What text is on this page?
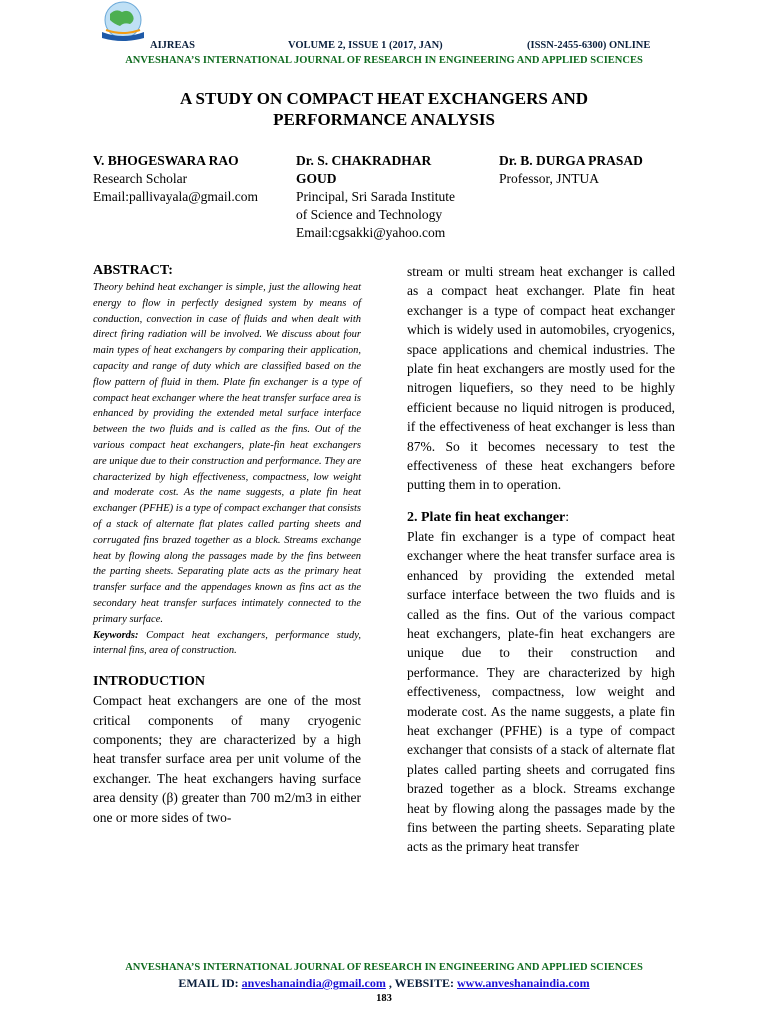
AIJREAS	VOLUME 2, ISSUE 1 (2017, JAN)	(ISSN-2455-6300) ONLINE
ANVESHANA’S INTERNATIONAL JOURNAL OF RESEARCH IN ENGINEERING AND APPLIED SCIENCES
A STUDY ON COMPACT HEAT EXCHANGERS AND
PERFORMANCE ANALYSIS
V. BHOGESWARA RAO
Research Scholar
Email:pallivayala@gmail.com
Dr. S. CHAKRADHAR
GOUD
Principal, Sri Sarada Institute
of Science and Technology
Email:cgsakki@yahoo.com
Dr. B. DURGA PRASAD
Professor, JNTUA
ABSTRACT:
Theory behind heat exchanger is simple, just the allowing heat energy to flow in perfectly designed system by means of conduction, convection in case of fluids and when dealt with direct firing radiation will be involved. We discuss about four main types of heat exchangers by comparing their application, capacity and range of duty which are classified based on the flow pattern of fluid in them. Plate fin exchanger is a type of compact heat exchanger where the heat transfer surface area is enhanced by providing the extended metal surface interface between the two fluids and is called as the fins. Out of the various compact heat exchangers, plate-fin heat exchangers are unique due to their construction and performance. They are characterized by high effectiveness, compactness, low weight and moderate cost. As the name suggests, a plate fin heat exchanger (PFHE) is a type of compact exchanger that consists of a stack of alternate flat plates called parting sheets and corrugated fins brazed together as a block. Streams exchange heat by flowing along the passages made by the fins between the parting sheets. Separating plate acts as the primary heat transfer surface and the appendages known as fins act as the secondary heat transfer surfaces intimately connected to the primary surface.
Keywords: Compact heat exchangers, performance study, internal fins, area of construction.
INTRODUCTION
Compact heat exchangers are one of the most critical components of many cryogenic components; they are characterized by a high heat transfer surface area per unit volume of the exchanger. The heat exchangers having surface area density (β) greater than 700 m2/m3 in either one or more sides of two-
stream or multi stream heat exchanger is called as a compact heat exchanger. Plate fin heat exchanger is a type of compact heat exchanger which is widely used in automobiles, cryogenics, space applications and chemical industries. The plate fin heat exchangers are mostly used for the nitrogen liquefiers, so they need to be highly efficient because no liquid nitrogen is produced, if the effectiveness of heat exchanger is less than 87%. So it becomes necessary to test the effectiveness of these heat exchangers before putting them in to operation.
2. Plate fin heat exchanger:
Plate fin exchanger is a type of compact heat exchanger where the heat transfer surface area is enhanced by providing the extended metal surface interface between the two fluids and is called as the fins. Out of the various compact heat exchangers, plate-fin heat exchangers are unique due to their construction and performance. They are characterized by high effectiveness, compactness, low weight and moderate cost. As the name suggests, a plate fin heat exchanger (PFHE) is a type of compact exchanger that consists of a stack of alternate flat plates called parting sheets and corrugated fins brazed together as a block. Streams exchange heat by flowing along the passages made by the fins between the parting sheets. Separating plate acts as the primary heat transfer
ANVESHANA’S INTERNATIONAL JOURNAL OF RESEARCH IN ENGINEERING AND APPLIED SCIENCES
EMAIL ID: anveshanaindia@gmail.com , WEBSITE: www.anveshanaindia.com
183
